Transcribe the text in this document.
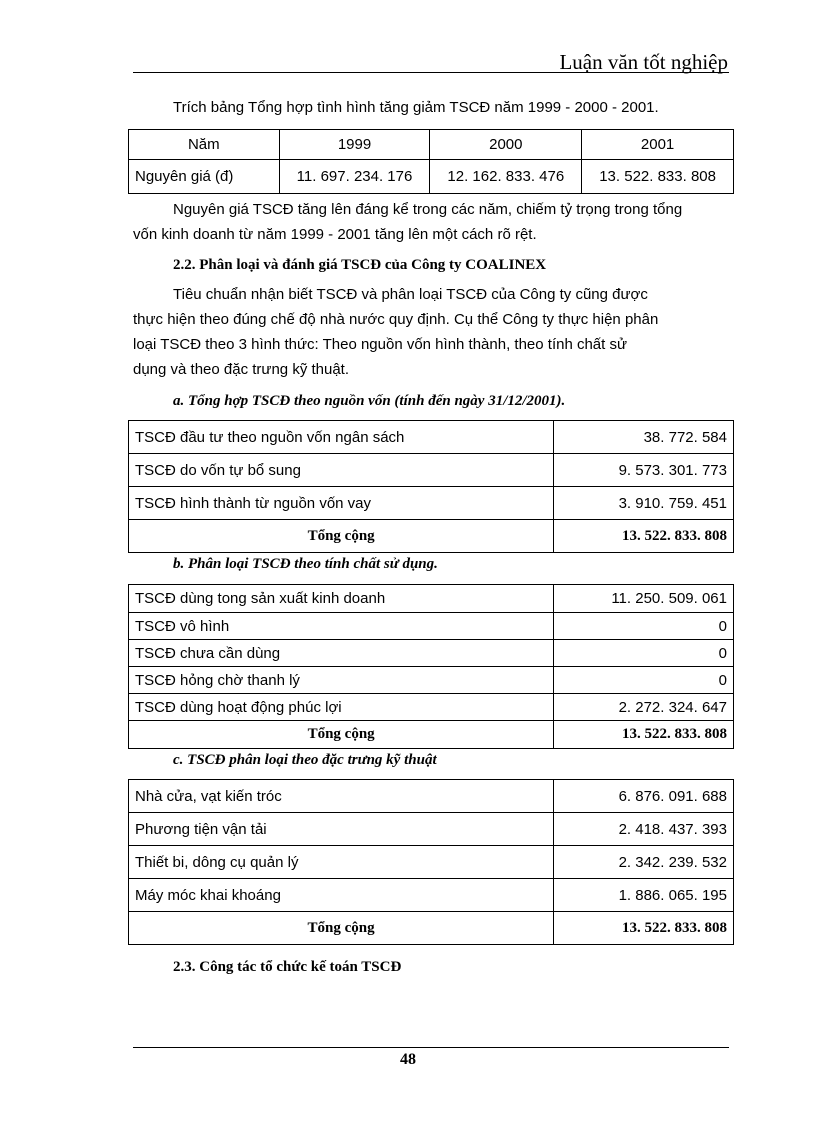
Luận văn tốt nghiệp
Trích bảng Tổng hợp tình hình tăng giảm TSCĐ năm 1999 - 2000 - 2001.
Năm	1999	2000	2001
Nguyên giá (đ)	11. 697. 234. 176	12. 162. 833. 476	13. 522. 833. 808
Nguyên giá TSCĐ tăng lên đáng kể trong các năm, chiếm tỷ trọng trong tổng
vốn kinh doanh từ năm 1999 - 2001 tăng lên một cách rõ rệt.
2.2. Phân loại và đánh giá TSCĐ của Công ty COALINEX
Tiêu chuẩn nhận biết TSCĐ và phân loại TSCĐ của Công ty cũng được
thực hiện theo đúng chế độ nhà nước quy định. Cụ thể Công ty thực hiện phân
loại TSCĐ theo 3 hình thức: Theo nguồn vốn hình thành, theo tính chất sử
dụng và theo đặc trưng kỹ thuật.
a. Tổng hợp TSCĐ theo nguồn vốn (tính đến ngày 31/12/2001).
TSCĐ đầu tư theo nguồn vốn ngân sách	38. 772. 584
TSCĐ do vốn tự bổ sung	9. 573. 301. 773
TSCĐ hình thành từ nguồn vốn vay	3. 910. 759. 451
Tổng cộng	13. 522. 833. 808
b. Phân loại TSCĐ theo tính chất sử dụng.
TSCĐ dùng tong sản xuất kinh doanh	11. 250. 509. 061
TSCĐ vô hình	0
TSCĐ chưa cần dùng	0
TSCĐ hỏng chờ thanh lý	0
TSCĐ dùng hoạt động phúc lợi	2. 272. 324. 647
Tổng cộng	13. 522. 833. 808
c. TSCĐ phân loại theo đặc trưng kỹ thuật
Nhà cửa, vạt kiến tróc	6. 876. 091. 688
Phương tiện vận tải	2. 418. 437. 393
Thiết bi, dông cụ quản lý	2. 342. 239. 532
Máy móc khai khoáng	1. 886. 065. 195
Tổng cộng	13. 522. 833. 808
2.3. Công tác tổ chức kế toán TSCĐ
48
